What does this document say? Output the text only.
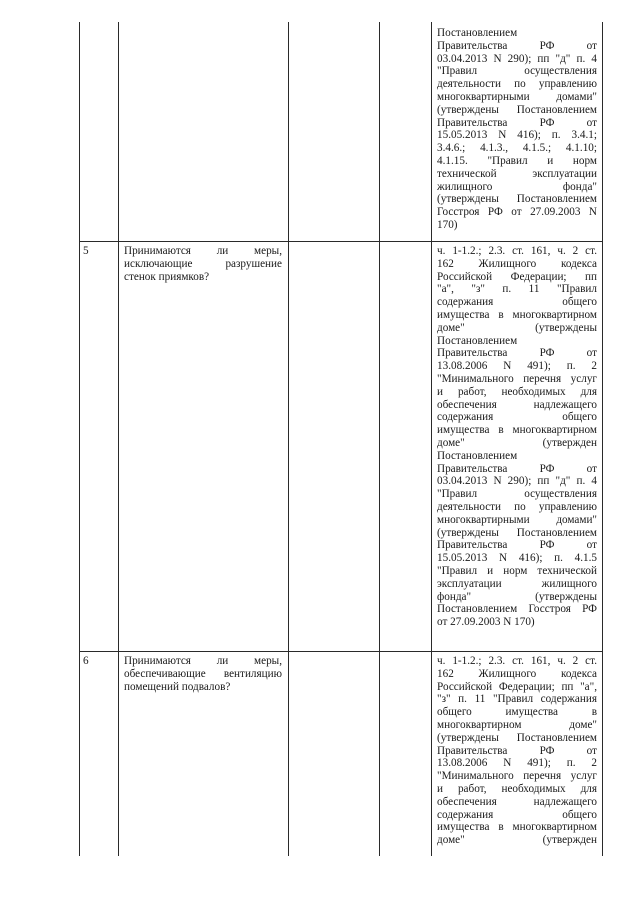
Постановлением
Правительства РФ от
03.04.2013 N 290); пп "д" п. 4
"Правил осуществления
деятельности по управлению
многоквартирными домами"
(утверждены Постановлением
Правительства РФ от
15.05.2013 N 416); п. 3.4.1;
3.4.6.; 4.1.3., 4.1.5.; 4.1.10;
4.1.15. "Правил и норм
технической эксплуатации
жилищного фонда"
(утверждены Постановлением
Госстроя РФ от 27.09.2003 N
170)
5	Принимаются ли меры, исключающие разрушение стенок приямков?
ч. 1-1.2.; 2.3. ст. 161, ч. 2 ст.
162 Жилищного кодекса
Российской Федерации; пп
"а", "з" п. 11 "Правил
содержания общего
имущества в многоквартирном
доме" (утверждены
Постановлением
Правительства РФ от
13.08.2006 N 491); п. 2
"Минимального перечня услуг
и работ, необходимых для
обеспечения надлежащего
содержания общего
имущества в многоквартирном
доме" (утвержден
Постановлением
Правительства РФ от
03.04.2013 N 290); пп "д" п. 4
"Правил осуществления
деятельности по управлению
многоквартирными домами"
(утверждены Постановлением
Правительства РФ от
15.05.2013 N 416); п. 4.1.5
"Правил и норм технической
эксплуатации жилищного
фонда" (утверждены
Постановлением Госстроя РФ
от 27.09.2003 N 170)
6	Принимаются ли меры, обеспечивающие вентиляцию помещений подвалов?
ч. 1-1.2.; 2.3. ст. 161, ч. 2 ст.
162 Жилищного кодекса
Российской Федерации; пп "а",
"з" п. 11 "Правил содержания
общего имущества в
многоквартирном доме"
(утверждены Постановлением
Правительства РФ от
13.08.2006 N 491); п. 2
"Минимального перечня услуг
и работ, необходимых для
обеспечения надлежащего
содержания общего
имущества в многоквартирном
доме" (утвержден
